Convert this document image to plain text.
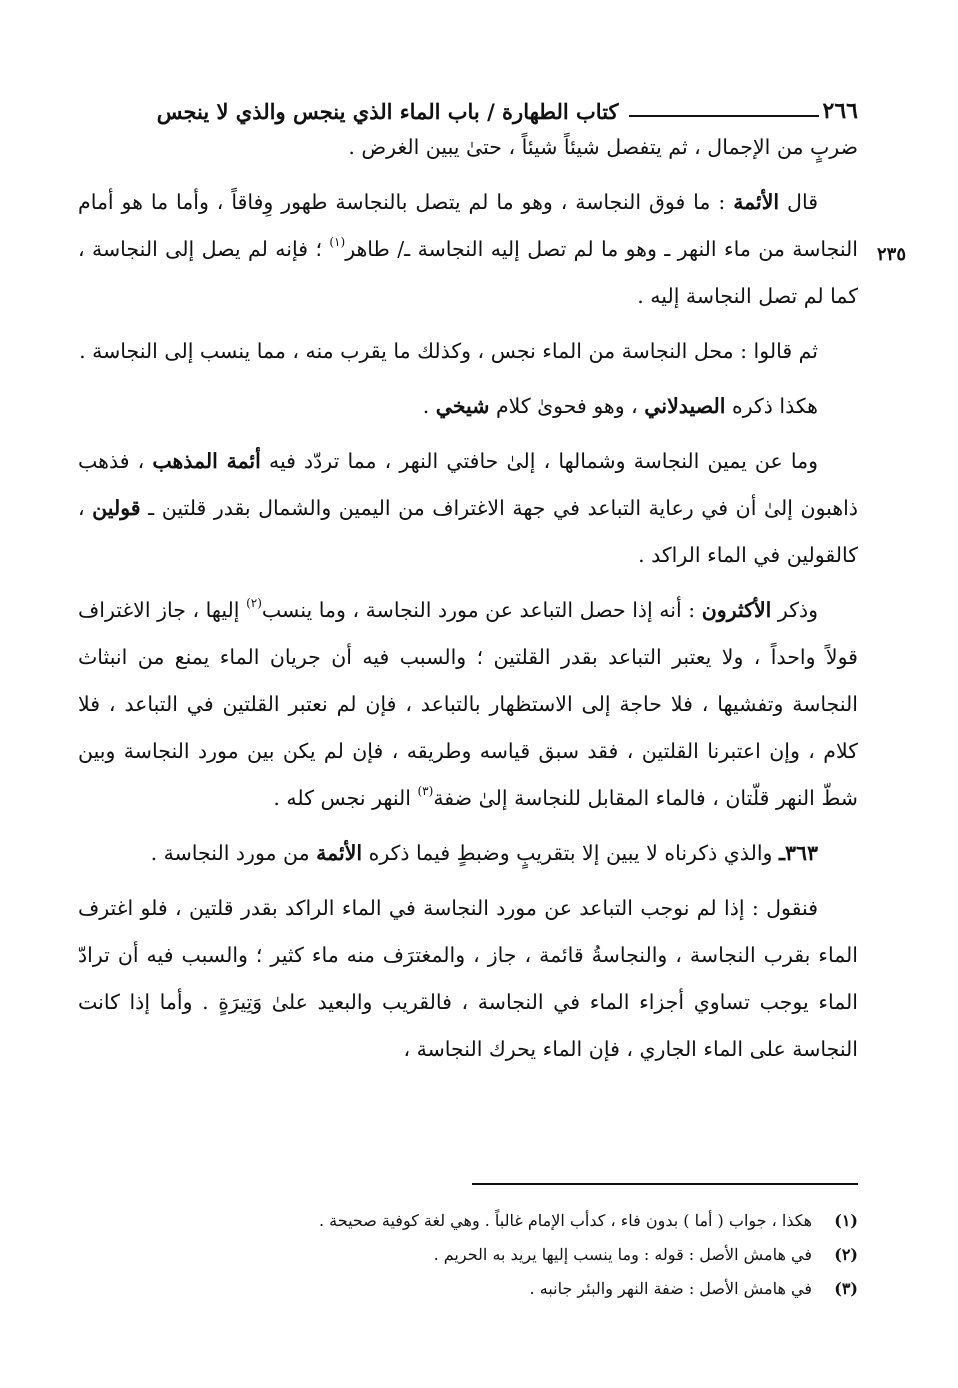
٢٦٦
كتاب الطهارة / باب الماء الذي ينجس والذي لا ينجس
٢٣٥

ضربٍ من الإجمال ، ثم يتفصل شيئاً شيئاً ، حتىٰ يبين الغرض .

قال الأئمة : ما فوق النجاسة ، وهو ما لم يتصل بالنجاسة طهور وِفاقاً ، وأما ما هو أمام النجاسة من ماء النهر ـ وهو ما لم تصل إليه النجاسة ـ/ طاهر$^{(١)}$ ؛ فإنه لم يصل إلى النجاسة ، كما لم تصل النجاسة إليه .

ثم قالوا : محل النجاسة من الماء نجس ، وكذلك ما يقرب منه ، مما ينسب إلى النجاسة .

هكذا ذكره الصيدلاني ، وهو فحوىٰ كلام شيخي .

وما عن يمين النجاسة وشمالها ، إلىٰ حافتي النهر ، مما تردّد فيه أئمة المذهب ، فذهب ذاهبون إلىٰ أن في رعاية التباعد في جهة الاغتراف من اليمين والشمال بقدر قلتين ـ قولين ، كالقولين في الماء الراكد .

وذكر الأكثرون : أنه إذا حصل التباعد عن مورد النجاسة ، وما ينسب$^{(٢)}$ إليها ، جاز الاغتراف قولاً واحداً ، ولا يعتبر التباعد بقدر القلتين ؛ والسبب فيه أن جريان الماء يمنع من انبثاث النجاسة وتفشيها ، فلا حاجة إلى الاستظهار بالتباعد ، فإن لم نعتبر القلتين في التباعد ، فلا كلام ، وإن اعتبرنا القلتين ، فقد سبق قياسه وطريقه ، فإن لم يكن بين مورد النجاسة وبين شطّ النهر قلّتان ، فالماء المقابل للنجاسة إلىٰ ضفة$^{(٣)}$ النهر نجس كله .

٣٦٣ـ والذي ذكرناه لا يبين إلا بتقريبٍ وضبطٍ فيما ذكره الأئمة من مورد النجاسة .

فنقول : إذا لم نوجب التباعد عن مورد النجاسة في الماء الراكد بقدر قلتين ، فلو اغترف الماء بقرب النجاسة ، والنجاسةُ قائمة ، جاز ، والمغترَف منه ماء كثير ؛ والسبب فيه أن ترادّ الماء يوجب تساوي أجزاء الماء في النجاسة ، فالقريب والبعيد علىٰ وَتِيرَةٍ . وأما إذا كانت النجاسة على الماء الجاري ، فإن الماء يحرك النجاسة ،

(١)
هكذا ، جواب ( أما ) بدون فاء ، كدأب الإمام غالباً . وهي لغة كوفية صحيحة .
(٢)
في هامش الأصل : قوله : وما ينسب إليها يريد به الحريم .
(٣)
في هامش الأصل : ضفة النهر والبئر جانبه .
